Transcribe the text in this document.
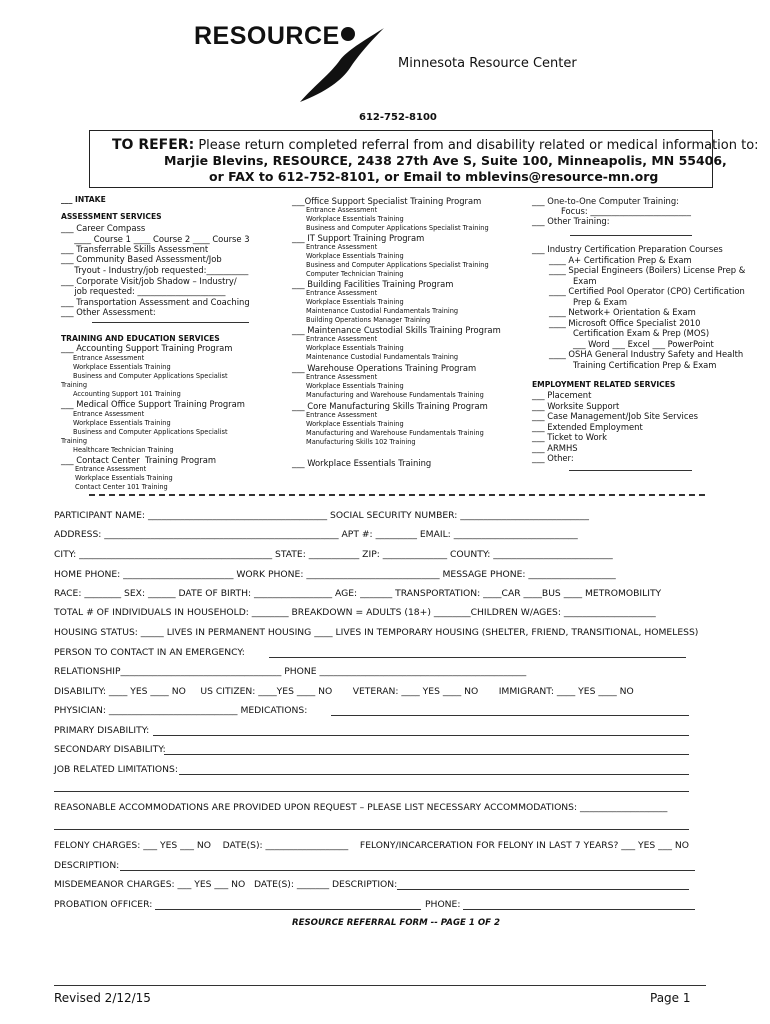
RESOURCE
Minnesota Resource Center
612-752-8100
TO REFER: Please return completed referral from and disability related or medical information to:
Marjie Blevins, RESOURCE, 2438 27th Ave S, Suite 100, Minneapolis, MN 55406,
or FAX to 612-752-8101, or Email to mblevins@resource-mn.org
___ INTAKE
ASSESSMENT SERVICES
___ Career Compass
____ Course 1 ____ Course 2 ____ Course 3
___ Transferrable Skills Assessment
___ Community Based Assessment/Job
Tryout - Industry/job requested:__________
___ Corporate Visit/job Shadow – Industry/
job requested: _____________________
___ Transportation Assessment and Coaching
___ Other Assessment:
TRAINING AND EDUCATION SERVICES
___ Accounting Support Training Program
Entrance Assessment
Workplace Essentials Training
Business and Computer Applications Specialist
Training
Accounting Support 101 Training
___ Medical Office Support Training Program
Entrance Assessment
Workplace Essentials Training
Business and Computer Applications Specialist
Training
Healthcare Technician Training
___ Contact Center  Training Program
Entrance Assessment
Workplace Essentials Training
Contact Center 101 Training
___Office Support Specialist Training Program
Entrance Assessment
Workplace Essentials Training
Business and Computer Applications Specialist Training
___ IT Support Training Program
Entrance Assessment
Workplace Essentials Training
Business and Computer Applications Specialist Training
Computer Technician Training
___ Building Facilities Training Program
Entrance Assessment
Workplace Essentials Training
Maintenance Custodial Fundamentals Training
Building Operations Manager Training
___ Maintenance Custodial Skills Training Program
Entrance Assessment
Workplace Essentials Training
Maintenance Custodial Fundamentals Training
___ Warehouse Operations Training Program
Entrance Assessment
Workplace Essentials Training
Manufacturing and Warehouse Fundamentals Training
___ Core Manufacturing Skills Training Program
Entrance Assessment
Workplace Essentials Training
Manufacturing and Warehouse Fundamentals Training
Manufacturing Skills 102 Training
___ Workplace Essentials Training
___ One-to-One Computer Training:
Focus: ________________________
___ Other Training:
___ Industry Certification Preparation Courses
____ A+ Certification Prep & Exam
____ Special Engineers (Boilers) License Prep &
Exam
____ Certified Pool Operator (CPO) Certification
Prep & Exam
____ Network+ Orientation & Exam
____ Microsoft Office Specialist 2010
Certification Exam & Prep (MOS)
___ Word ___ Excel ___ PowerPoint
____ OSHA General Industry Safety and Health
Training Certification Prep & Exam
EMPLOYMENT RELATED SERVICES
___ Placement
___ Worksite Support
___ Case Management/Job Site Services
___ Extended Employment
___ Ticket to Work
___ ARMHS
___ Other:
PARTICIPANT NAME: _______________________________________ SOCIAL SECURITY NUMBER: ____________________________
ADDRESS: ___________________________________________________ APT #: _________ EMAIL: ___________________________
CITY: __________________________________________ STATE: ___________ ZIP: ______________ COUNTY: __________________________
HOME PHONE: ________________________ WORK PHONE: _____________________________ MESSAGE PHONE: ___________________
RACE: ________ SEX: ______ DATE OF BIRTH: _________________ AGE: _______ TRANSPORTATION: ____CAR ____BUS ____ METROMOBILITY
TOTAL # OF INDIVIDUALS IN HOUSEHOLD: ________ BREAKDOWN = ADULTS (18+) ________CHILDREN W/AGES: ____________________
HOUSING STATUS: _____ LIVES IN PERMANENT HOUSING ____ LIVES IN TEMPORARY HOUSING (SHELTER, FRIEND, TRANSITIONAL, HOMELESS)
PERSON TO CONTACT IN AN EMERGENCY:
RELATIONSHIP___________________________________ PHONE _____________________________________________
DISABILITY: ____ YES ____ NO     US CITIZEN: ____YES ____ NO       VETERAN: ____ YES ____ NO       IMMIGRANT: ____ YES ____ NO
PHYSICIAN: ____________________________ MEDICATIONS:
PRIMARY DISABILITY:
SECONDARY DISABILITY:
JOB RELATED LIMITATIONS:
REASONABLE ACCOMMODATIONS ARE PROVIDED UPON REQUEST – PLEASE LIST NECESSARY ACCOMMODATIONS: ___________________
FELONY CHARGES: ___ YES ___ NO    DATE(S): __________________    FELONY/INCARCERATION FOR FELONY IN LAST 7 YEARS? ___ YES ___ NO
DESCRIPTION:
MISDEMEANOR CHARGES: ___ YES ___ NO   DATE(S): _______ DESCRIPTION:
PROBATION OFFICER:	PHONE:
RESOURCE REFERRAL FORM -- PAGE 1 OF 2
Revised 2/12/15	Page 1
